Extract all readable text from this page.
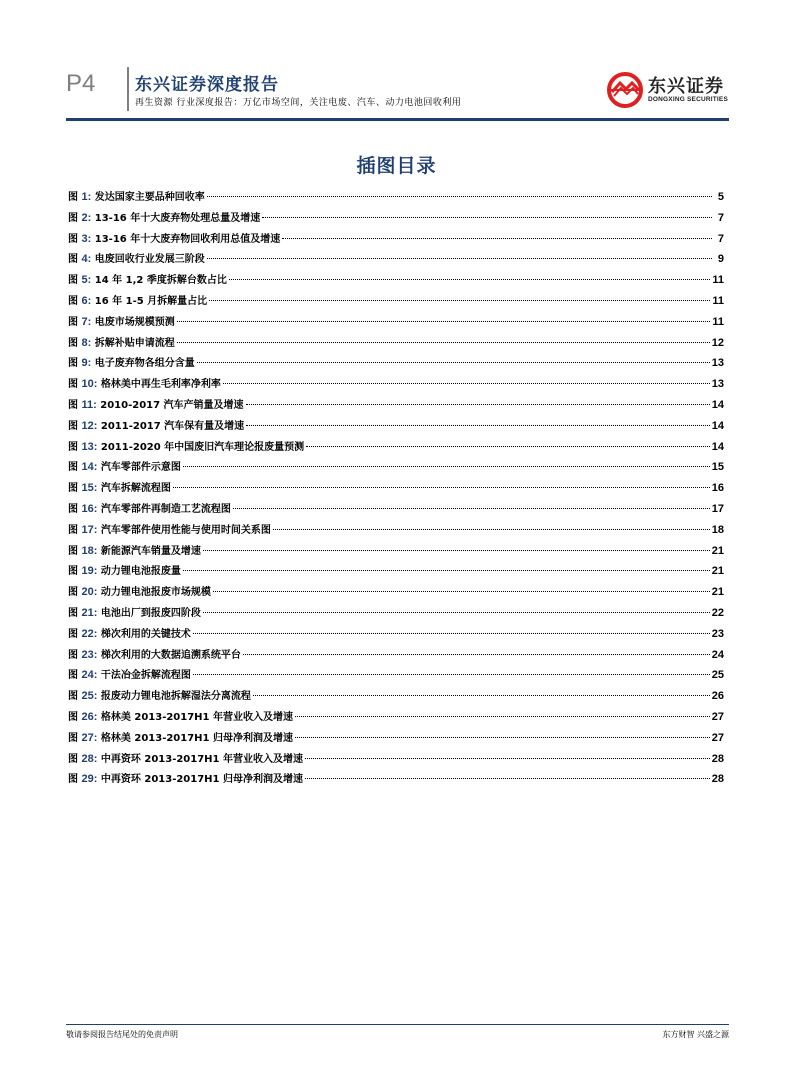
P4 东兴证券深度报告
再生资源 行业深度报告：万亿市场空间，关注电废、汽车、动力电池回收利用
东兴证券
DONGXING SECURITIES
插图目录
图 1: 发达国家主要品种回收率	5
图 2: 13-16 年十大废弃物处理总量及增速	7
图 3: 13-16 年十大废弃物回收利用总值及增速	7
图 4: 电废回收行业发展三阶段	9
图 5: 14 年 1,2 季度拆解台数占比	11
图 6: 16 年 1-5 月拆解量占比	11
图 7: 电废市场规模预测	11
图 8: 拆解补贴申请流程	12
图 9: 电子废弃物各组分含量	13
图 10: 格林美中再生毛利率净利率	13
图 11: 2010-2017 汽车产销量及增速	14
图 12: 2011-2017 汽车保有量及增速	14
图 13: 2011-2020 年中国废旧汽车理论报废量预测	14
图 14: 汽车零部件示意图	15
图 15: 汽车拆解流程图	16
图 16: 汽车零部件再制造工艺流程图	17
图 17: 汽车零部件使用性能与使用时间关系图	18
图 18: 新能源汽车销量及增速	21
图 19: 动力锂电池报废量	21
图 20: 动力锂电池报废市场规模	21
图 21: 电池出厂到报废四阶段	22
图 22: 梯次利用的关键技术	23
图 23: 梯次利用的大数据追溯系统平台	24
图 24: 干法冶金拆解流程图	25
图 25: 报废动力锂电池拆解湿法分离流程	26
图 26: 格林美 2013-2017H1 年营业收入及增速	27
图 27: 格林美 2013-2017H1 归母净利润及增速	27
图 28: 中再资环 2013-2017H1 年营业收入及增速	28
图 29: 中再资环 2013-2017H1 归母净利润及增速	28
敬请参阅报告结尾处的免责声明	东方财智 兴盛之源
